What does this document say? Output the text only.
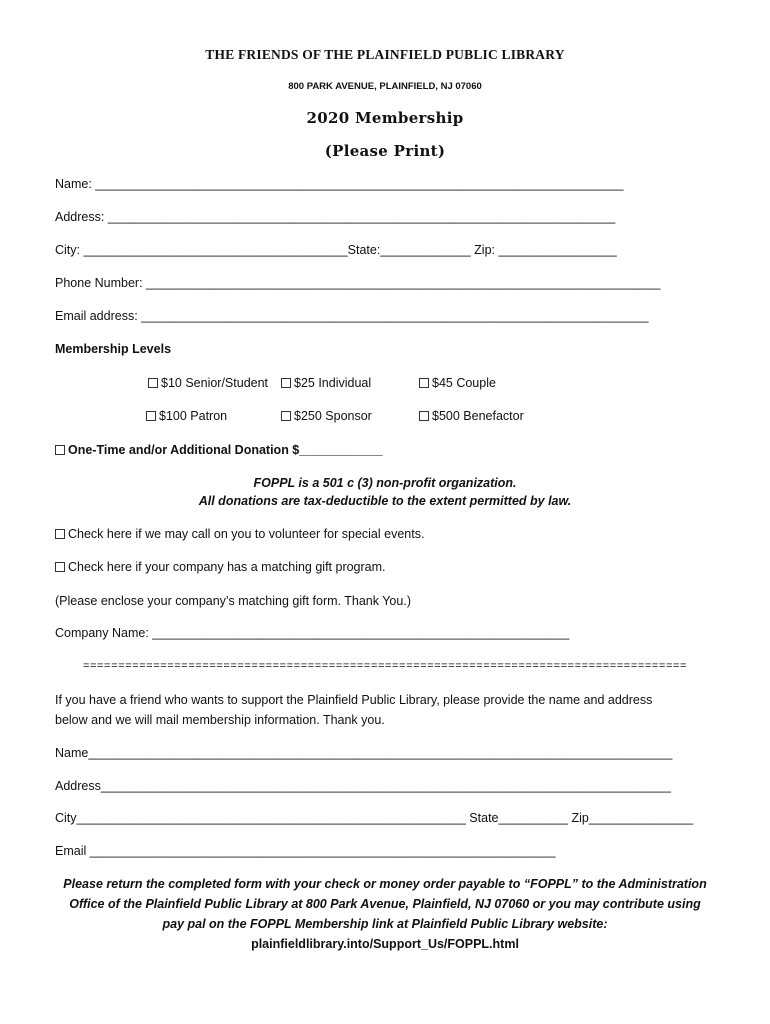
THE FRIENDS OF THE PLAINFIELD PUBLIC LIBRARY
800 PARK AVENUE, PLAINFIELD, NJ 07060
2020 Membership
(Please Print)
Name: ____________________________________________________________________________
Address: _________________________________________________________________________
City: ______________________________________State:_____________ Zip: _________________
Phone Number: __________________________________________________________________________
Email address: _________________________________________________________________________
Membership Levels
$10 Senior/Student	$25 Individual	$45 Couple
$100 Patron	$250 Sponsor	$500 Benefactor
One-Time and/or Additional Donation $____________
FOPPL is a 501 c (3) non-profit organization.
All donations are tax-deductible to the extent permitted by law.
Check here if we may call on you to volunteer for special events.
Check here if your company has a matching gift program.
(Please enclose your company’s matching gift form. Thank You.)
Company Name: ____________________________________________________________
======================================================================================
If you have a friend who wants to support the Plainfield Public Library, please provide the name and address
below and we will mail membership information. Thank you.
Name____________________________________________________________________________________
Address__________________________________________________________________________________
City________________________________________________________ State__________ Zip_______________
Email ___________________________________________________________________
Please return the completed form with your check or money order payable to “FOPPL” to the Administration
Office of the Plainfield Public Library at 800 Park Avenue, Plainfield, NJ 07060 or you may contribute using
pay pal on the FOPPL Membership link at Plainfield Public Library website:
plainfieldlibrary.into/Support_Us/FOPPL.html
